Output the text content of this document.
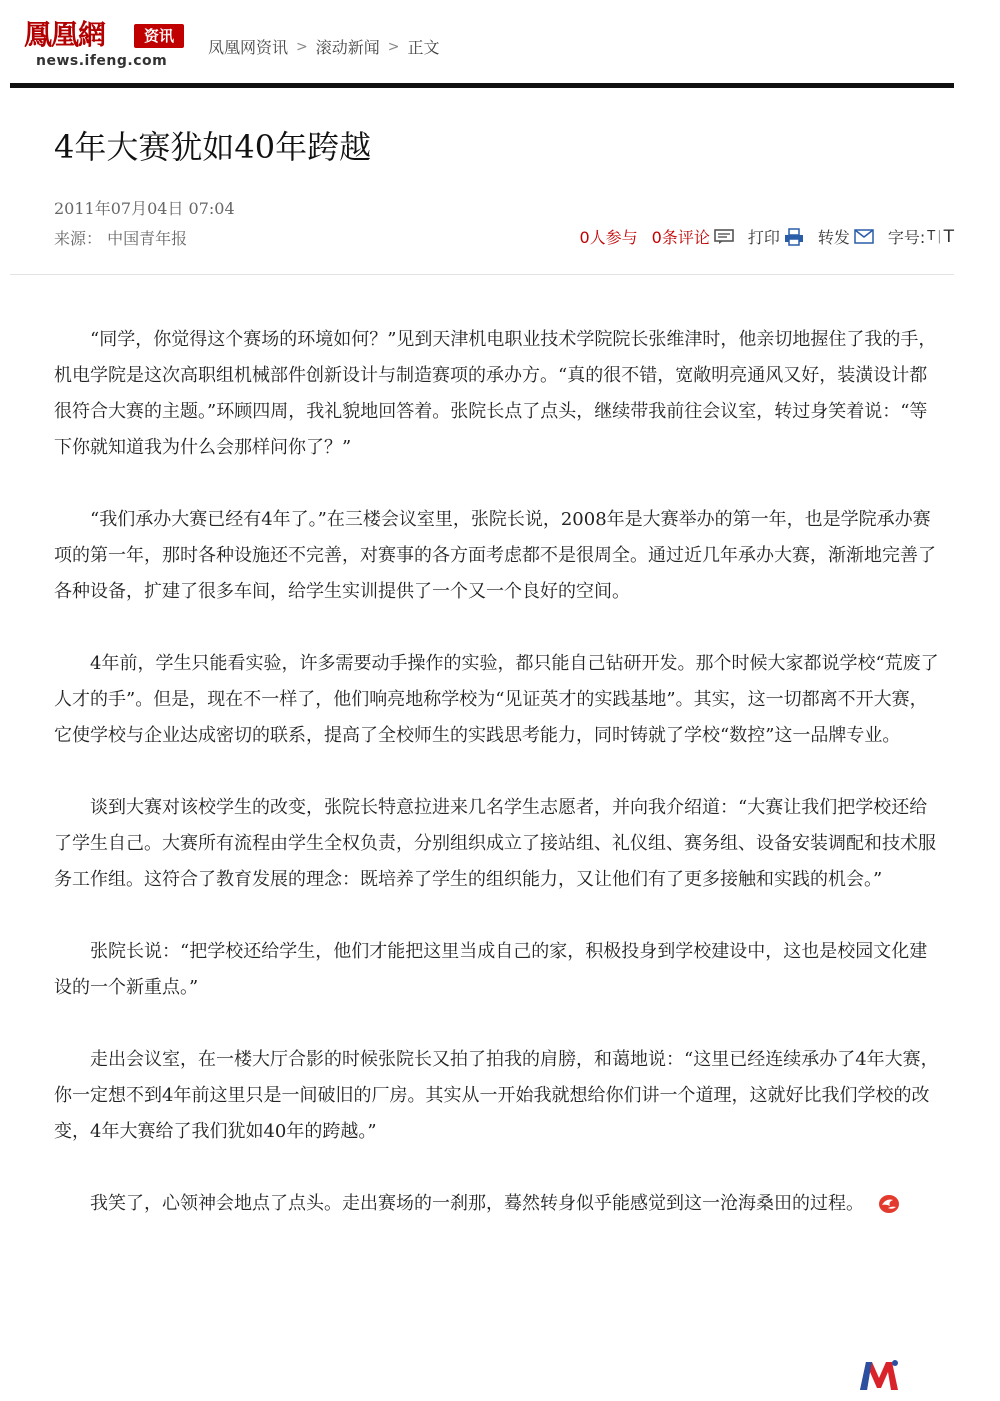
鳳凰網	资讯
news.ifeng.com
凤凰网资讯 > 滚动新闻 > 正文
4年大赛犹如40年跨越
2011年07月04日 07:04
来源： 中国青年报	0人参与 0条评论 打印 转发 字号: T | T

“同学，你觉得这个赛场的环境如何？”见到天津机电职业技术学院院长张维津时，他亲切地握住了我的手，机电学院是这次高职组机械部件创新设计与制造赛项的承办方。“真的很不错，宽敞明亮通风又好，装潢设计都很符合大赛的主题。”环顾四周，我礼貌地回答着。张院长点了点头，继续带我前往会议室，转过身笑着说：“等下你就知道我为什么会那样问你了？”

“我们承办大赛已经有4年了。”在三楼会议室里，张院长说，2008年是大赛举办的第一年，也是学院承办赛项的第一年，那时各种设施还不完善，对赛事的各方面考虑都不是很周全。通过近几年承办大赛，渐渐地完善了各种设备，扩建了很多车间，给学生实训提供了一个又一个良好的空间。

4年前，学生只能看实验，许多需要动手操作的实验，都只能自己钻研开发。那个时候大家都说学校“荒废了人才的手”。但是，现在不一样了，他们响亮地称学校为“见证英才的实践基地”。其实，这一切都离不开大赛，它使学校与企业达成密切的联系，提高了全校师生的实践思考能力，同时铸就了学校“数控”这一品牌专业。

谈到大赛对该校学生的改变，张院长特意拉进来几名学生志愿者，并向我介绍道：“大赛让我们把学校还给了学生自己。大赛所有流程由学生全权负责，分别组织成立了接站组、礼仪组、赛务组、设备安装调配和技术服务工作组。这符合了教育发展的理念：既培养了学生的组织能力，又让他们有了更多接触和实践的机会。”

张院长说：“把学校还给学生，他们才能把这里当成自己的家，积极投身到学校建设中，这也是校园文化建设的一个新重点。”

走出会议室，在一楼大厅合影的时候张院长又拍了拍我的肩膀，和蔼地说：“这里已经连续承办了4年大赛，你一定想不到4年前这里只是一间破旧的厂房。其实从一开始我就想给你们讲一个道理，这就好比我们学校的改变，4年大赛给了我们犹如40年的跨越。”

我笑了，心领神会地点了点头。走出赛场的一刹那，蓦然转身似乎能感觉到这一沧海桑田的过程。
